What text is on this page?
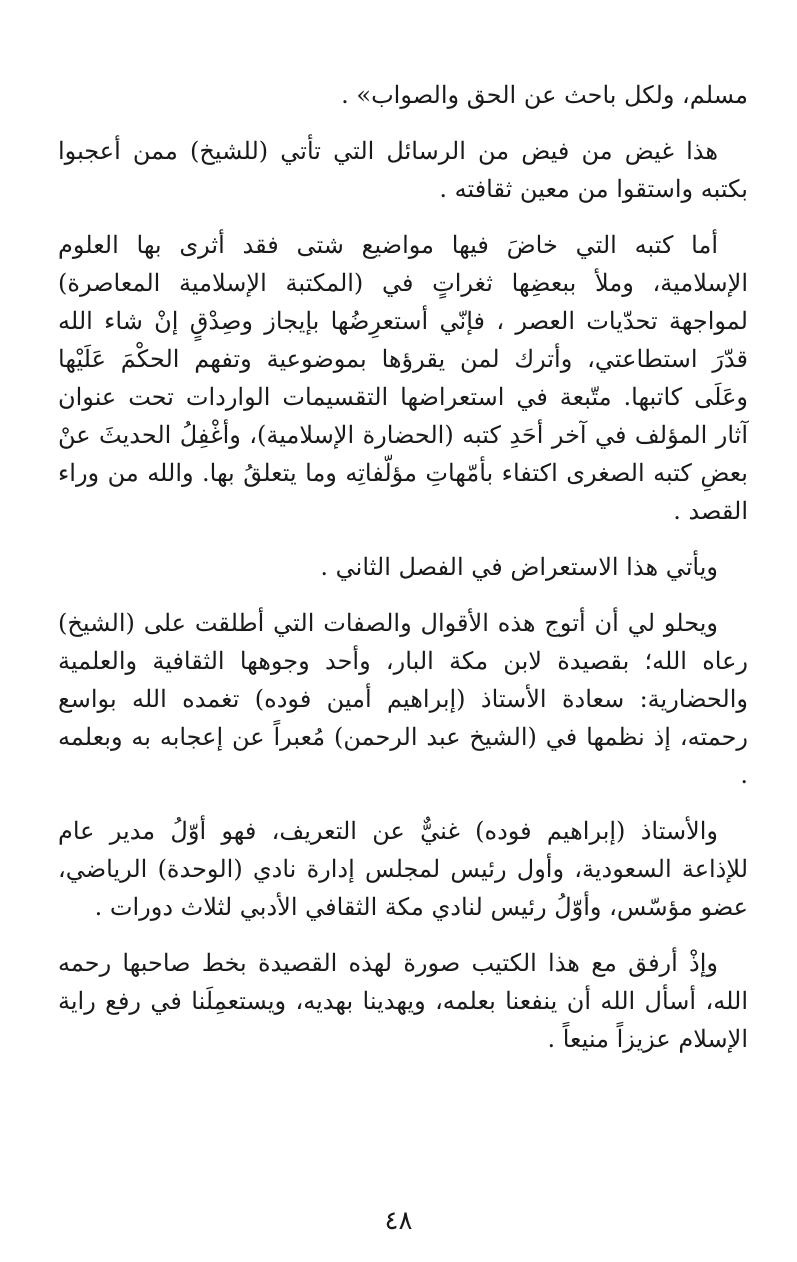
مسلم، ولكل باحث عن الحق والصواب» .

هذا غيض من فيض من الرسائل التي تأتي (للشيخ) ممن أعجبوا بكتبه واستقوا من معين ثقافته .

أما كتبه التي خاضَ فيها مواضيع شتى فقد أثرى بها العلوم الإسلامية، وملأ ببعضِها ثغراتٍ في (المكتبة الإسلامية المعاصرة) لمواجهة تحدّيات العصر ، فإنّي أستعرِضُها بإيجاز وصِدْقٍ إنْ شاء الله قدّرَ استطاعتي، وأترك لمن يقرؤها بموضوعية وتفهم الحكْمَ عَلَيْها وعَلَى كاتبها. متّبعة في استعراضها التقسيمات الواردات تحت عنوان آثار المؤلف في آخر أحَدِ كتبه (الحضارة الإسلامية)، وأغْفِلُ الحديثَ عنْ بعضِ كتبه الصغرى اكتفاء بأمّهاتِ مؤلّفاتِه وما يتعلقُ بها. والله من وراء القصد .

ويأتي هذا الاستعراض في الفصل الثاني .

ويحلو لي أن أتوج هذه الأقوال والصفات التي أطلقت على (الشيخ) رعاه الله؛ بقصيدة لابن مكة البار، وأحد وجوهها الثقافية والعلمية والحضارية: سعادة الأستاذ (إبراهيم أمين فوده) تغمده الله بواسع رحمته، إذ نظمها في (الشيخ عبد الرحمن) مُعبراً عن إعجابه به وبعلمه .

والأستاذ (إبراهيم فوده) غنيٌّ عن التعريف، فهو أوّلُ مدير عام للإذاعة السعودية، وأول رئيس لمجلس إدارة نادي (الوحدة) الرياضي، عضو مؤسّس، وأوّلُ رئيس لنادي مكة الثقافي الأدبي لثلاث دورات .

وإذْ أرفق مع هذا الكتيب صورة لهذه القصيدة بخط صاحبها رحمه الله، أسأل الله أن ينفعنا بعلمه، ويهدينا بهديه، ويستعمِلَنا في رفع راية الإسلام عزيزاً منيعاً .

٤٨
